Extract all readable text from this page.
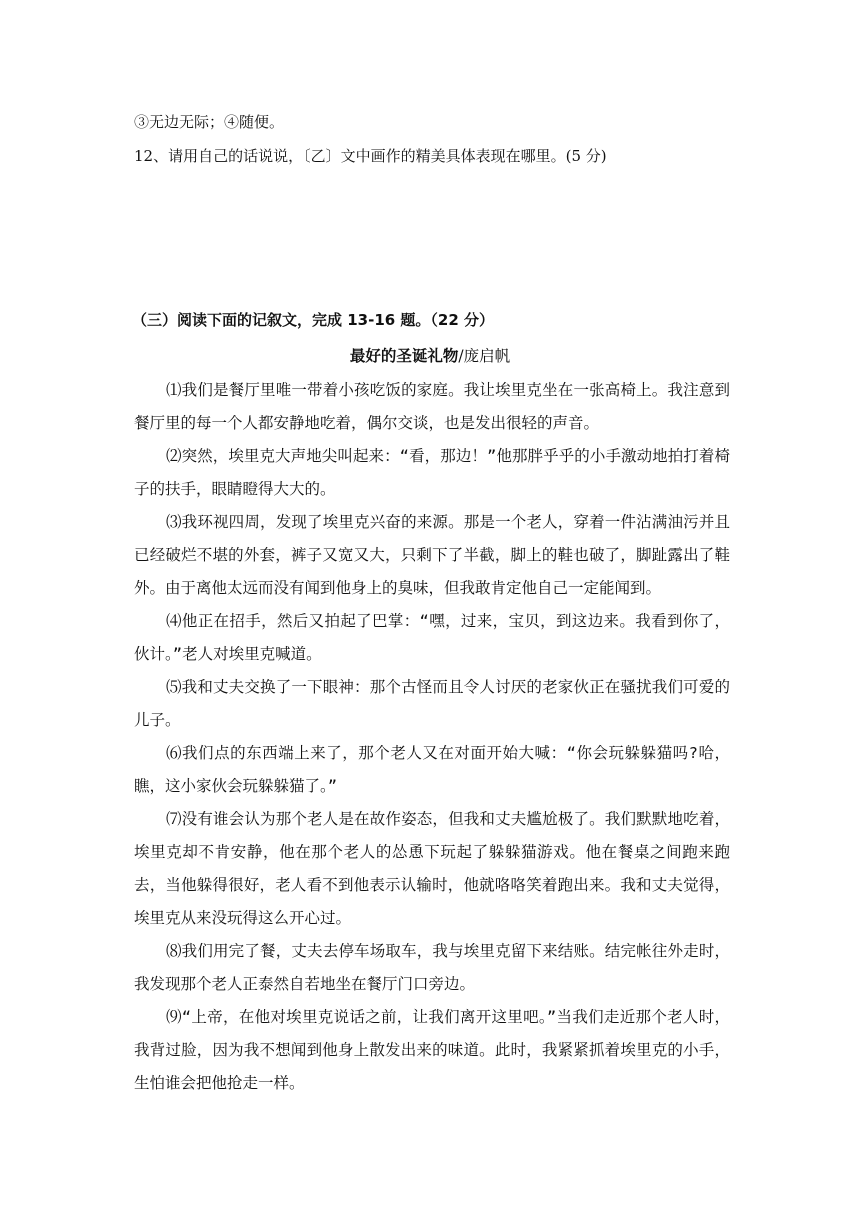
③无边无际；④随便。
12、请用自己的话说说，〔乙〕文中画作的精美具体表现在哪里。(5 分)
（三）阅读下面的记叙文，完成 13-16 题。（22 分）
最好的圣诞礼物/庞启帆

⑴我们是餐厅里唯一带着小孩吃饭的家庭。我让埃里克坐在一张高椅上。我注意到餐厅里的每一个人都安静地吃着，偶尔交谈，也是发出很轻的声音。

⑵突然，埃里克大声地尖叫起来：“看，那边！”他那胖乎乎的小手激动地拍打着椅子的扶手，眼睛瞪得大大的。

⑶我环视四周，发现了埃里克兴奋的来源。那是一个老人，穿着一件沾满油污并且已经破烂不堪的外套，裤子又宽又大，只剩下了半截，脚上的鞋也破了，脚趾露出了鞋外。由于离他太远而没有闻到他身上的臭味，但我敢肯定他自己一定能闻到。

⑷他正在招手，然后又拍起了巴掌：“嘿，过来，宝贝，到这边来。我看到你了，伙计。”老人对埃里克喊道。

⑸我和丈夫交换了一下眼神：那个古怪而且令人讨厌的老家伙正在骚扰我们可爱的儿子。

⑹我们点的东西端上来了，那个老人又在对面开始大喊：“你会玩躲躲猫吗?哈，瞧，这小家伙会玩躲躲猫了。”

⑺没有谁会认为那个老人是在故作姿态，但我和丈夫尴尬极了。我们默默地吃着，埃里克却不肯安静，他在那个老人的怂恿下玩起了躲躲猫游戏。他在餐桌之间跑来跑去，当他躲得很好，老人看不到他表示认输时，他就咯咯笑着跑出来。我和丈夫觉得，埃里克从来没玩得这么开心过。

⑻我们用完了餐，丈夫去停车场取车，我与埃里克留下来结账。结完帐往外走时，我发现那个老人正泰然自若地坐在餐厅门口旁边。

⑼“上帝，在他对埃里克说话之前，让我们离开这里吧。”当我们走近那个老人时，我背过脸，因为我不想闻到他身上散发出来的味道。此时，我紧紧抓着埃里克的小手，生怕谁会把他抢走一样。
